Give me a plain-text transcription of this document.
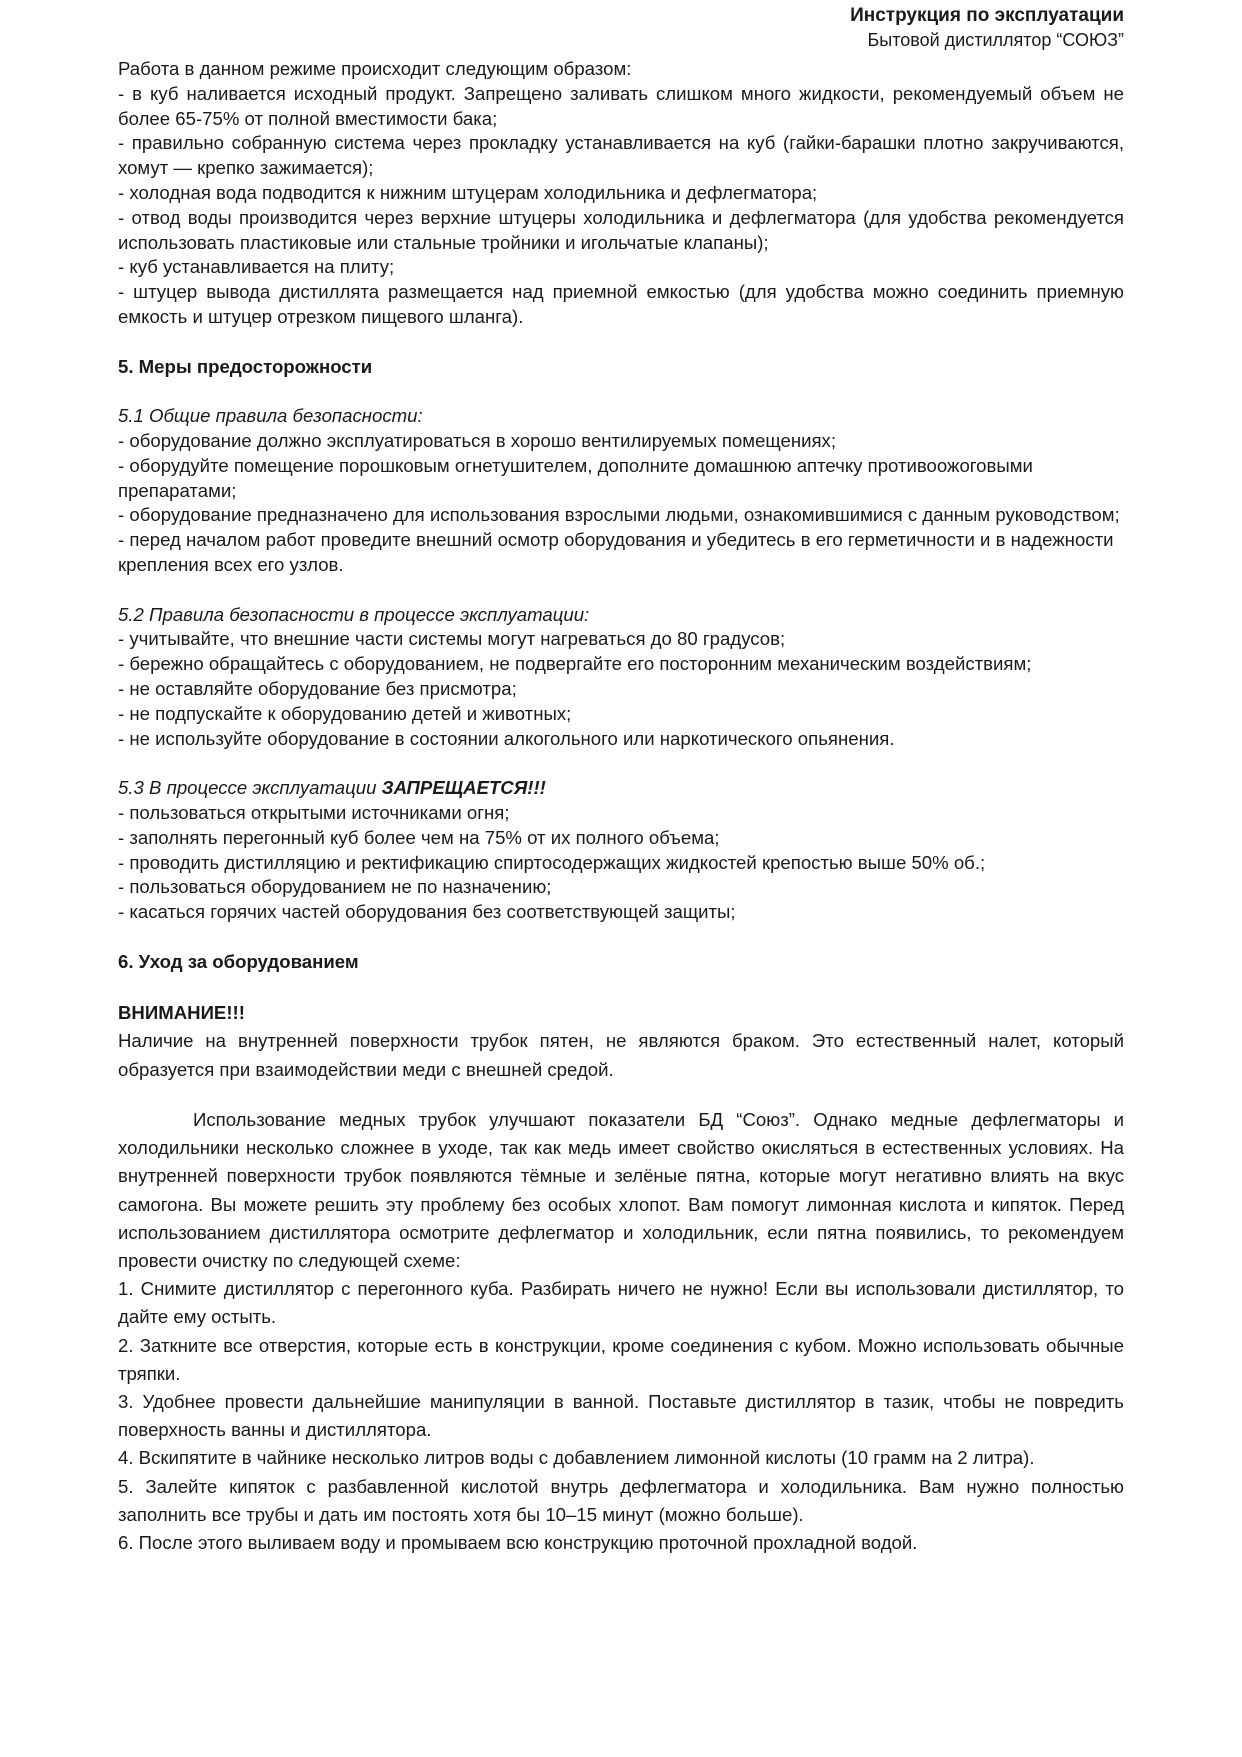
Инструкция по эксплуатации
Бытовой дистиллятор “СОЮЗ”

Работа в данном режиме происходит следующим образом:

- в куб наливается исходный продукт. Запрещено заливать слишком много жидкости, рекомендуемый объем не более 65-75% от полной вместимости бака;

- правильно собранную система через прокладку устанавливается на куб (гайки-барашки плотно закручиваются, хомут — крепко зажимается);

- холодная вода подводится к нижним штуцерам холодильника и дефлегматора;

- отвод воды производится через верхние штуцеры холодильника и дефлегматора (для удобства рекомендуется использовать пластиковые или стальные тройники и игольчатые клапаны);

- куб устанавливается на плиту;

- штуцер вывода дистиллята размещается над приемной емкостью (для удобства можно соединить приемную емкость и штуцер отрезком пищевого шланга).

5. Меры предосторожности

5.1 Общие правила безопасности:

- оборудование должно эксплуатироваться в хорошо вентилируемых помещениях;

- оборудуйте помещение порошковым огнетушителем, дополните домашнюю аптечку противоожоговыми препаратами;

- оборудование предназначено для использования взрослыми людьми, ознакомившимися с данным руководством;

- перед началом работ проведите внешний осмотр оборудования и убедитесь в его герметичности и в надежности крепления всех его узлов.

5.2 Правила безопасности в процессе эксплуатации:

- учитывайте, что внешние части системы могут нагреваться до 80 градусов;

- бережно обращайтесь с оборудованием, не подвергайте его посторонним механическим воздействиям;

- не оставляйте оборудование без присмотра;

- не подпускайте к оборудованию детей и животных;

- не используйте оборудование в состоянии алкогольного или наркотического опьянения.

5.3 В процессе эксплуатации ЗАПРЕЩАЕТСЯ!!!

- пользоваться открытыми источниками огня;

- заполнять перегонный куб более чем на 75% от их полного объема;

- проводить дистилляцию и ректификацию спиртосодержащих жидкостей крепостью выше 50% об.;

- пользоваться оборудованием не по назначению;

- касаться горячих частей оборудования без соответствующей защиты;

6. Уход за оборудованием

ВНИМАНИЕ!!!

Наличие на внутренней поверхности трубок пятен, не являются браком. Это естественный налет, который образуется при взаимодействии меди с внешней средой.

Использование медных трубок улучшают показатели БД “Союз”. Однако медные дефлегматоры и холодильники несколько сложнее в уходе, так как медь имеет свойство окисляться в естественных условиях. На внутренней поверхности трубок появляются тёмные и зелёные пятна, которые могут негативно влиять на вкус самогона. Вы можете решить эту проблему без особых хлопот. Вам помогут лимонная кислота и кипяток. Перед использованием дистиллятора осмотрите дефлегматор и холодильник, если пятна появились, то рекомендуем провести очистку по следующей схеме:

1. Снимите дистиллятор с перегонного куба. Разбирать ничего не нужно! Если вы использовали дистиллятор, то дайте ему остыть.

2. Заткните все отверстия, которые есть в конструкции, кроме соединения с кубом. Можно использовать обычные тряпки.

3. Удобнее провести дальнейшие манипуляции в ванной. Поставьте дистиллятор в тазик, чтобы не повредить поверхность ванны и дистиллятора.

4. Вскипятите в чайнике несколько литров воды с добавлением лимонной кислоты (10 грамм на 2 литра).

5. Залейте кипяток с разбавленной кислотой внутрь дефлегматора и холодильника. Вам нужно полностью заполнить все трубы и дать им постоять хотя бы 10–15 минут (можно больше).

6. После этого выливаем воду и промываем всю конструкцию проточной прохладной водой.
